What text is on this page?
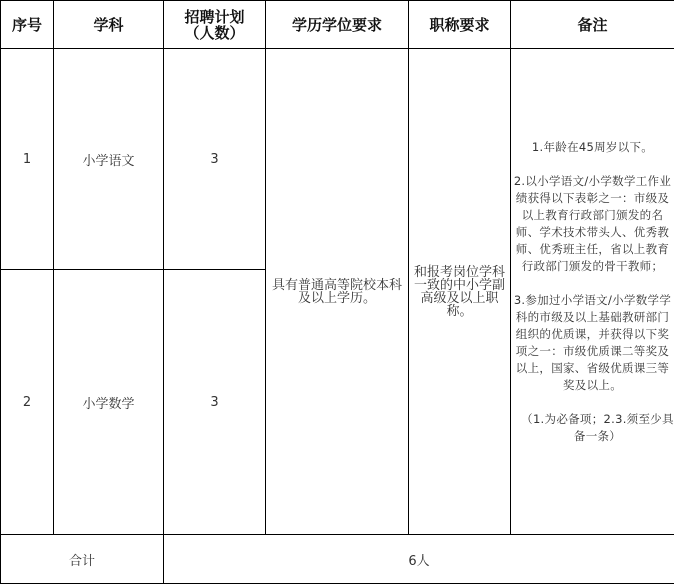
序号	学科	招聘计划
（人数）	学历学位要求	职称要求	备注
1	小学语文	3	具有普通高等院校本科及以上学历。	和报考岗位学科一致的中小学副高级及以上职称。	1.年龄在45周岁以下。

2.以小学语文/小学数学工作业绩获得以下表彰之一：市级及以上教育行政部门颁发的名师、学术技术带头人、优秀教师、优秀班主任，省以上教育行政部门颁发的骨干教师；

3.参加过小学语文/小学数学学科的市级及以上基础教研部门组织的优质课，并获得以下奖项之一：市级优质课二等奖及以上，国家、省级优质课三等奖及以上。

（1.为必备项；2.3.须至少具备一条）

2	小学数学	3			
合计		6人			
